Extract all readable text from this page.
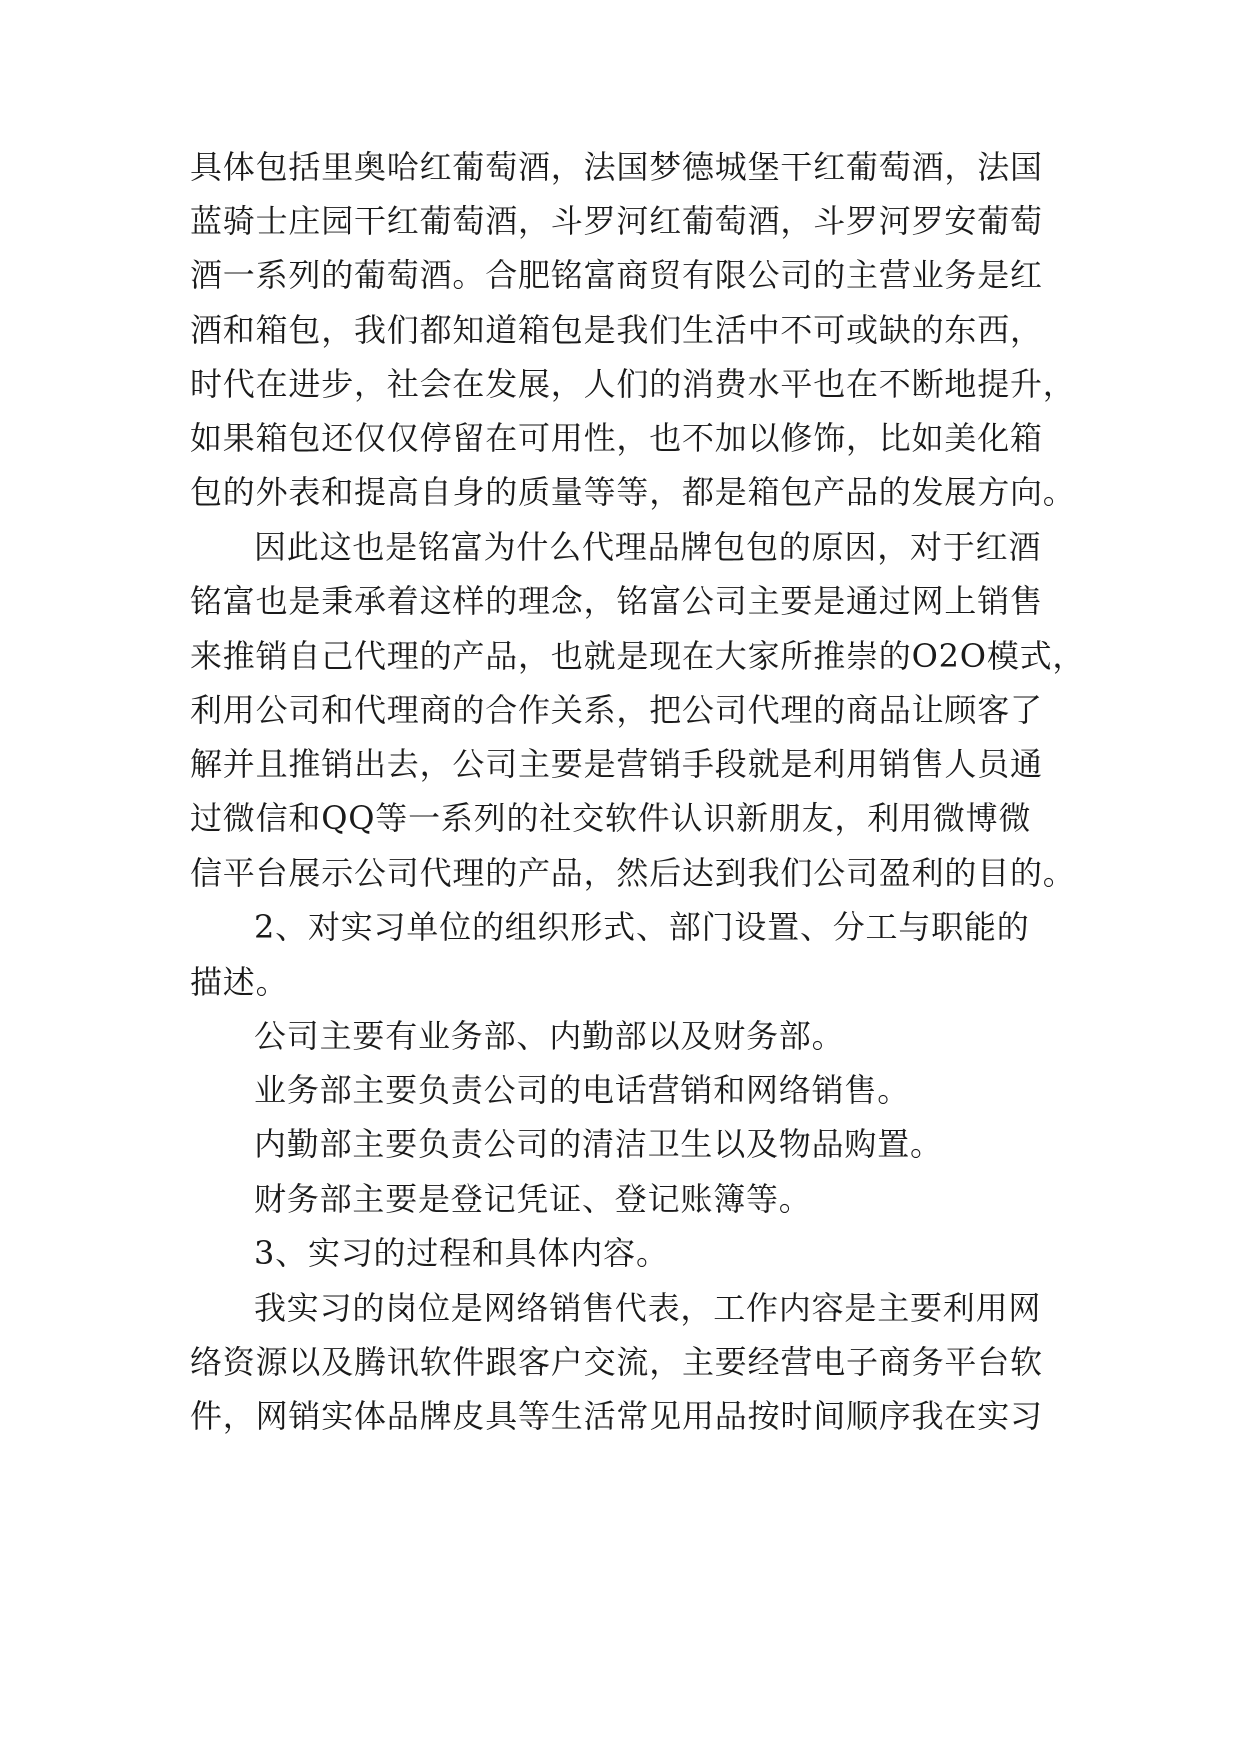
具体包括里奥哈红葡萄酒，法国梦德城堡干红葡萄酒，法国
蓝骑士庄园干红葡萄酒，斗罗河红葡萄酒，斗罗河罗安葡萄
酒一系列的葡萄酒。合肥铭富商贸有限公司的主营业务是红
酒和箱包，我们都知道箱包是我们生活中不可或缺的东西，
时代在进步，社会在发展，人们的消费水平也在不断地提升，
如果箱包还仅仅停留在可用性，也不加以修饰，比如美化箱
包的外表和提高自身的质量等等，都是箱包产品的发展方向。
因此这也是铭富为什么代理品牌包包的原因，对于红酒
铭富也是秉承着这样的理念，铭富公司主要是通过网上销售
来推销自己代理的产品，也就是现在大家所推崇的O2O模式，
利用公司和代理商的合作关系，把公司代理的商品让顾客了
解并且推销出去，公司主要是营销手段就是利用销售人员通
过微信和QQ等一系列的社交软件认识新朋友，利用微博微
信平台展示公司代理的产品，然后达到我们公司盈利的目的。
2、对实习单位的组织形式、部门设置、分工与职能的
描述。
公司主要有业务部、内勤部以及财务部。
业务部主要负责公司的电话营销和网络销售。
内勤部主要负责公司的清洁卫生以及物品购置。
财务部主要是登记凭证、登记账簿等。
3、实习的过程和具体内容。
我实习的岗位是网络销售代表，工作内容是主要利用网
络资源以及腾讯软件跟客户交流，主要经营电子商务平台软
件，网销实体品牌皮具等生活常见用品按时间顺序我在实习
